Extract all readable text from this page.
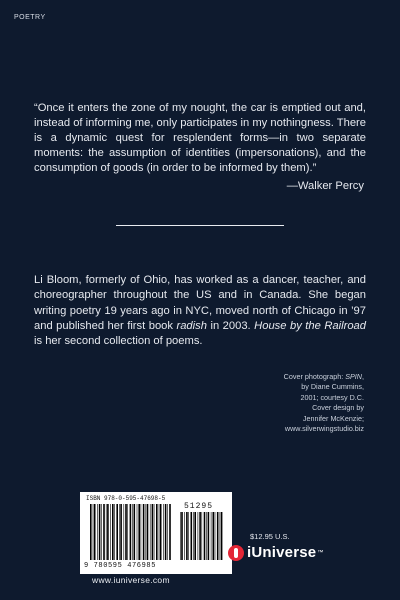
POETRY

“Once it enters the zone of my nought, the car is emptied out and, instead of informing me, only participates in my nothingness. There is a dynamic quest for resplendent forms—in two separate moments: the assumption of identities (impersonations), and the consumption of goods (in order to be informed by them).”

—Walker Percy

Li Bloom, formerly of Ohio, has worked as a dancer, teacher, and choreographer throughout the US and in Canada. She began writing poetry 19 years ago in NYC, moved north of Chicago in ’97 and published her first book radish in 2003. House by the Railroad is her second collection of poems.

Cover photograph: SPIN,
by Diane Cummins,
2001; courtesy D.C.
Cover design by
Jennifer McKenzie;
www.silverwingstudio.biz
ISBN 978-0-595-47698-5
51295
9 780595 476985
www.iuniverse.com
$12.95 U.S.
iUniverse ™
